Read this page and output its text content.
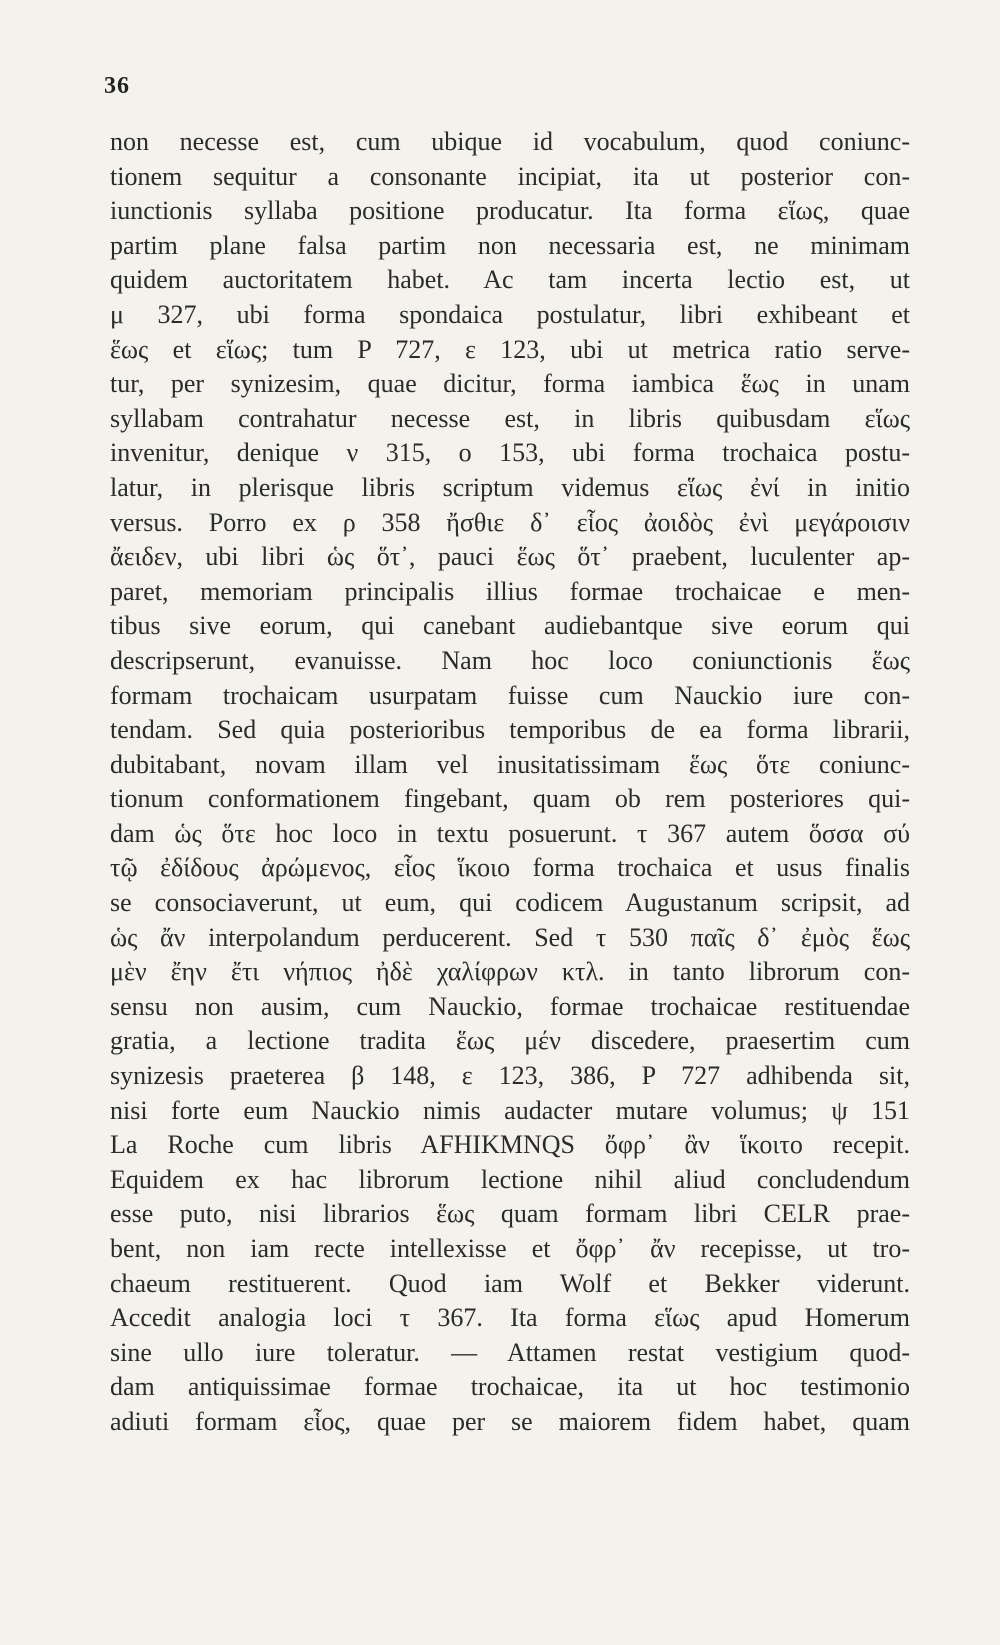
36
non necesse est, cum ubique id vocabulum, quod coniunc-
tionem sequitur a consonante incipiat, ita ut posterior con-
iunctionis syllaba positione producatur. Ita forma εἵως, quae
partim plane falsa partim non necessaria est, ne minimam
quidem auctoritatem habet. Ac tam incerta lectio est, ut
μ 327, ubi forma spondaica postulatur, libri exhibeant et
ἕως et εἵως; tum P 727, ε 123, ubi ut metrica ratio serve-
tur, per synizesim, quae dicitur, forma iambica ἕως in unam
syllabam contrahatur necesse est, in libris quibusdam εἵως
invenitur, denique ν 315, ο 153, ubi forma trochaica postu-
latur, in plerisque libris scriptum videmus εἵως ἐνί in initio
versus. Porro ex ρ 358 ἤσθιε δ᾽ εἷος ἀοιδὸς ἐνὶ μεγάροισιν
ἄειδεν, ubi libri ὡς ὅτ᾽, pauci ἕως ὅτ᾽ praebent, luculenter ap-
paret, memoriam principalis illius formae trochaicae e men-
tibus sive eorum, qui canebant audiebantque sive eorum qui
descripserunt, evanuisse. Nam hoc loco coniunctionis ἕως
formam trochaicam usurpatam fuisse cum Nauckio iure con-
tendam. Sed quia posterioribus temporibus de ea forma librarii,
dubitabant, novam illam vel inusitatissimam ἕως ὅτε coniunc-
tionum conformationem fingebant, quam ob rem posteriores qui-
dam ὡς ὅτε hoc loco in textu posuerunt. τ 367 autem ὅσσα σύ
τῷ ἐδίδους ἀρώμενος, εἷος ἵκοιο forma trochaica et usus finalis
se consociaverunt, ut eum, qui codicem Augustanum scripsit, ad
ὡς ἄν interpolandum perducerent. Sed τ 530 παῖς δ᾽ ἐμὸς ἕως
μὲν ἔην ἔτι νήπιος ἠδὲ χαλίφρων κτλ. in tanto librorum con-
sensu non ausim, cum Nauckio, formae trochaicae restituendae
gratia, a lectione tradita ἕως μέν discedere, praesertim cum
synizesis praeterea β 148, ε 123, 386, P 727 adhibenda sit,
nisi forte eum Nauckio nimis audacter mutare volumus; ψ 151
La Roche cum libris AFHIKMNQS ὄφρ᾽ ἂν ἵκοιτο recepit.
Equidem ex hac librorum lectione nihil aliud concludendum
esse puto, nisi librarios ἕως quam formam libri CELR prae-
bent, non iam recte intellexisse et ὄφρ᾽ ἄν recepisse, ut tro-
chaeum restituerent. Quod iam Wolf et Bekker viderunt.
Accedit analogia loci τ 367. Ita forma εἵως apud Homerum
sine ullo iure toleratur. — Attamen restat vestigium quod-
dam antiquissimae formae trochaicae, ita ut hoc testimonio
adiuti formam εἷος, quae per se maiorem fidem habet, quam
